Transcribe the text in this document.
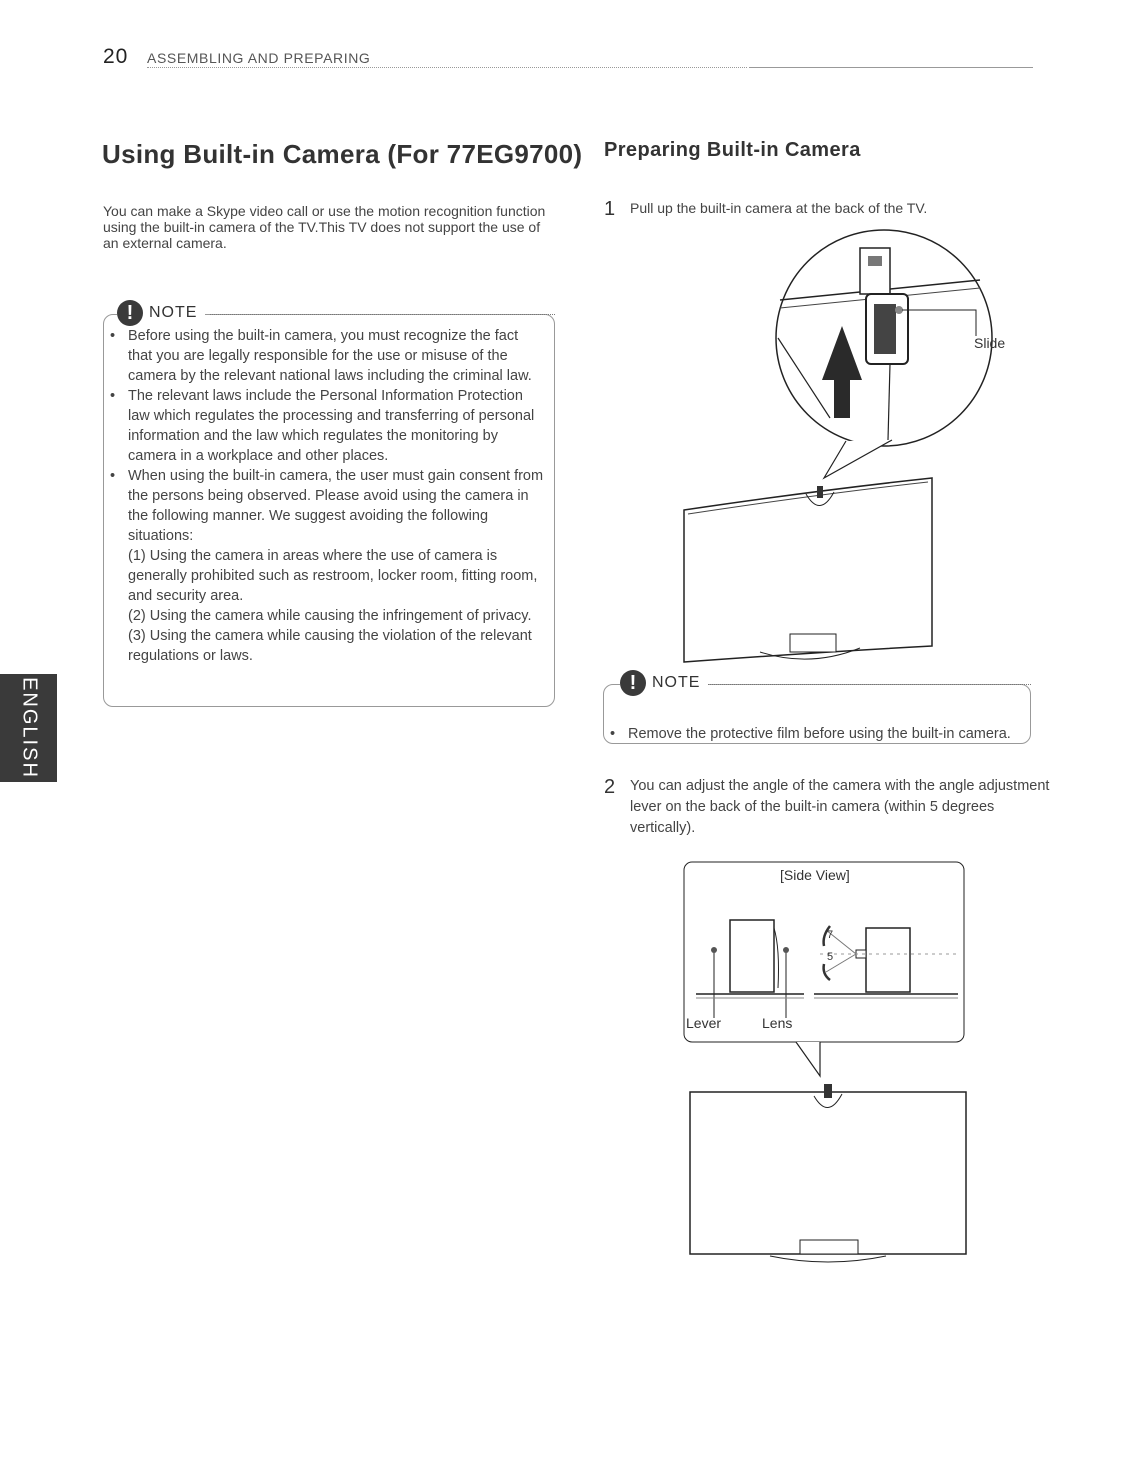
20 ASSEMBLING AND PREPARING
Using Built-in Camera (For 77EG9700)

You can make a Skype video call or use the motion recognition function using the built-in camera of the TV.This TV does not support the use of an external camera.

! NOTE
• Before using the built-in camera, you must recognize the fact that you are legally responsible for the use or misuse of the camera by the relevant national laws including the criminal law.
• The relevant laws include the Personal Information Protection law which regulates the processing and transferring of personal information and the law which regulates the monitoring by camera in a workplace and other places.
• When using the built-in camera, the user must gain consent from the persons being observed. Please avoid using the camera in the following manner. We suggest avoiding the following situations:
(1) Using the camera in areas where the use of camera is generally prohibited such as restroom, locker room, fitting room, and security area.
(2) Using the camera while causing the infringement of privacy.
(3) Using the camera while causing the violation of the relevant regulations or laws.
ENGLISH
Preparing Built-in Camera
1	Pull up the built-in camera at the back of the TV.
Slide
! NOTE
• Remove the protective film before using the built-in camera.
2	You can adjust the angle of the camera with the angle adjustment lever on the back of the built-in camera (within 5 degrees vertically).
[Side View]
7
5
Lever	Lens
